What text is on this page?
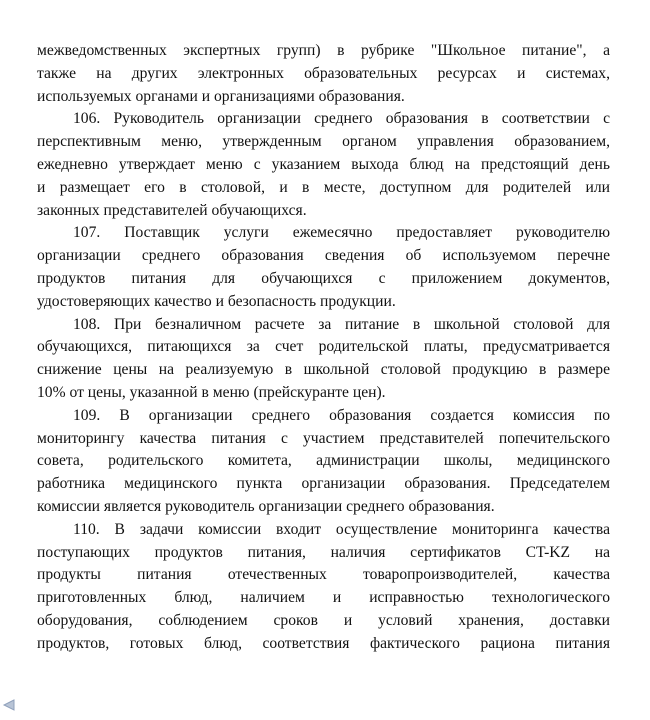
межведомственных экспертных групп) в рубрике "Школьное питание", а

также на других электронных образовательных ресурсах и системах,

используемых органами и организациями образования.

106. Руководитель организации среднего образования в соответствии с

перспективным меню, утвержденным органом управления образованием,

ежедневно утверждает меню с указанием выхода блюд на предстоящий день

и размещает его в столовой, и в месте, доступном для родителей или

законных представителей обучающихся.

107. Поставщик услуги ежемесячно предоставляет руководителю

организации среднего образования сведения об используемом перечне

продуктов питания для обучающихся с приложением документов,

удостоверяющих качество и безопасность продукции.

108. При безналичном расчете за питание в школьной столовой для

обучающихся, питающихся за счет родительской платы, предусматривается

снижение цены на реализуемую в школьной столовой продукцию в размере

10% от цены, указанной в меню (прейскуранте цен).

109. В организации среднего образования создается комиссия по

мониторингу качества питания с участием представителей попечительского

совета, родительского комитета, администрации школы, медицинского

работника медицинского пункта организации образования. Председателем

комиссии является руководитель организации среднего образования.

110. В задачи комиссии входит осуществление мониторинга качества

поступающих продуктов питания, наличия сертификатов CT-KZ на

продукты питания отечественных товаропроизводителей, качества

приготовленных блюд, наличием и исправностью технологического

оборудования, соблюдением сроков и условий хранения, доставки

продуктов, готовых блюд, соответствия фактического рациона питания
